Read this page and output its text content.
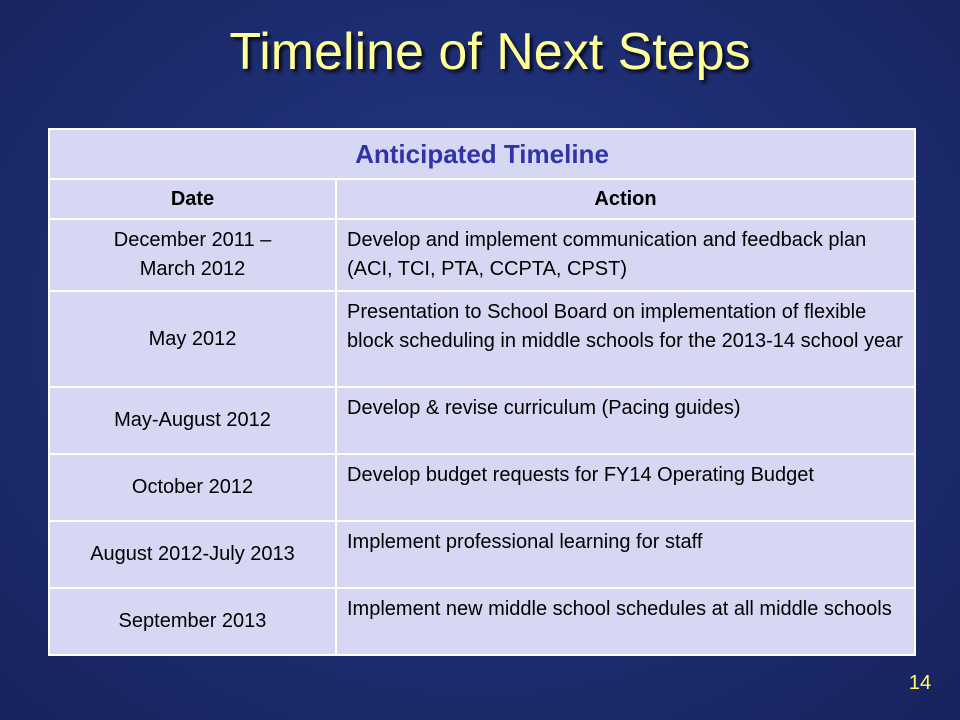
Timeline of Next Steps
Anticipated Timeline	
Date	Action
December 2011 –
March 2012	Develop and implement communication and feedback plan (ACI, TCI, PTA, CCPTA, CPST)
May 2012	Presentation to School Board on implementation of flexible block scheduling in middle schools for the 2013-14 school year
May-August 2012	Develop & revise curriculum (Pacing guides)
October 2012	Develop budget requests for FY14 Operating Budget
August 2012-July 2013	Implement professional learning for staff
September 2013	Implement new middle school schedules at all middle schools
14
